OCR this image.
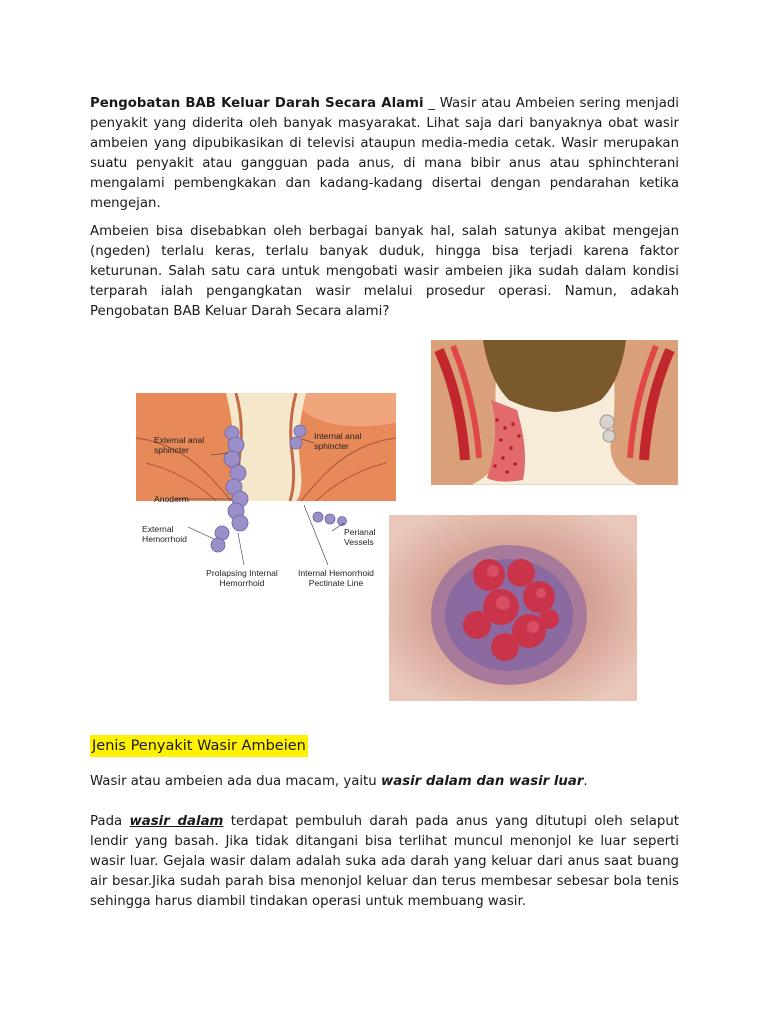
Pengobatan BAB Keluar Darah Secara Alami _ Wasir atau Ambeien sering menjadi penyakit yang diderita oleh banyak masyarakat. Lihat saja dari banyaknya obat wasir ambeien yang dipubikasikan di televisi ataupun media-media cetak. Wasir merupakan suatu penyakit atau gangguan pada anus, di mana bibir anus atau sphinchterani mengalami pembengkakan dan kadang-kadang disertai dengan pendarahan ketika mengejan.

Ambeien bisa disebabkan oleh berbagai banyak hal, salah satunya akibat mengejan (ngeden) terlalu keras, terlalu banyak duduk, hingga bisa terjadi karena faktor keturunan. Salah satu cara untuk mengobati wasir ambeien jika sudah dalam kondisi terparah ialah pengangkatan wasir melalui prosedur operasi. Namun, adakah Pengobatan BAB Keluar Darah Secara alami?

External anal
sphincter
Internal anal
sphincter
Anoderm
External
Hemorrhoid
Perianal
Vessels
Prolapsing Internal
Hemorrhoid
Internal Hemorrhoid
Pectinate Line
Jenis Penyakit Wasir Ambeien

Wasir atau ambeien ada dua macam, yaitu wasir dalam dan wasir luar.

Pada wasir dalam terdapat pembuluh darah pada anus yang ditutupi oleh selaput lendir yang basah. Jika tidak ditangani bisa terlihat muncul menonjol ke luar seperti wasir luar. Gejala wasir dalam adalah suka ada darah yang keluar dari anus saat buang air besar.Jika sudah parah bisa menonjol keluar dan terus membesar sebesar bola tenis sehingga harus diambil tindakan operasi untuk membuang wasir.
